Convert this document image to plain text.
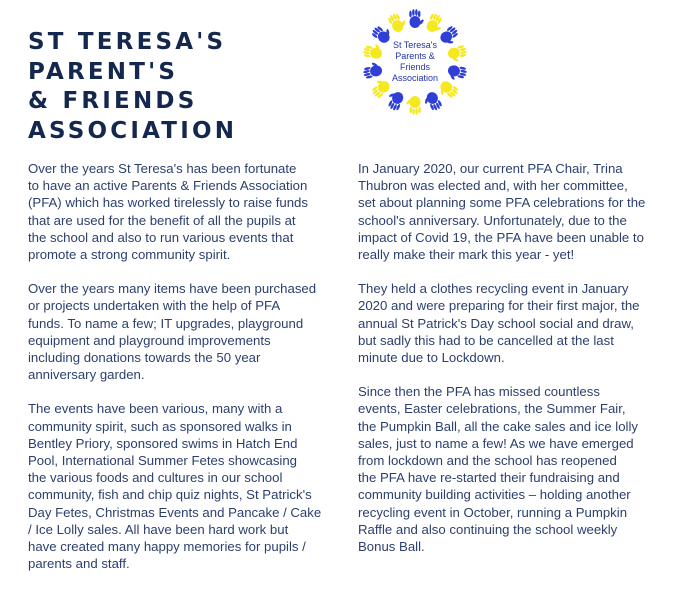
ST TERESA'S
PARENT'S
& FRIENDS
ASSOCIATION
St Teresa's
Parents &
Friends
Association

Over the years St Teresa's has been fortunate
to have an active Parents & Friends Association
(PFA) which has worked tirelessly to raise funds
that are used for the benefit of all the pupils at
the school and also to run various events that
promote a strong community spirit.

Over the years many items have been purchased
or projects undertaken with the help of PFA
funds. To name a few; IT upgrades, playground
equipment and playground improvements
including donations towards the 50 year
anniversary garden.

The events have been various, many with a
community spirit, such as sponsored walks in
Bentley Priory, sponsored swims in Hatch End
Pool, International Summer Fetes showcasing
the various foods and cultures in our school
community, fish and chip quiz nights, St Patrick's
Day Fetes, Christmas Events and Pancake / Cake
/ Ice Lolly sales. All have been hard work but
have created many happy memories for pupils /
parents and staff.

In January 2020, our current PFA Chair, Trina
Thubron was elected and, with her committee,
set about planning some PFA celebrations for the
school's anniversary. Unfortunately, due to the
impact of Covid 19, the PFA have been unable to
really make their mark this year - yet!

They held a clothes recycling event in January
2020 and were preparing for their first major, the
annual St Patrick's Day school social and draw,
but sadly this had to be cancelled at the last
minute due to Lockdown.

Since then the PFA has missed countless
events, Easter celebrations, the Summer Fair,
the Pumpkin Ball, all the cake sales and ice lolly
sales, just to name a few! As we have emerged
from lockdown and the school has reopened
the PFA have re-started their fundraising and
community building activities – holding another
recycling event in October, running a Pumpkin
Raffle and also continuing the school weekly
Bonus Ball.
